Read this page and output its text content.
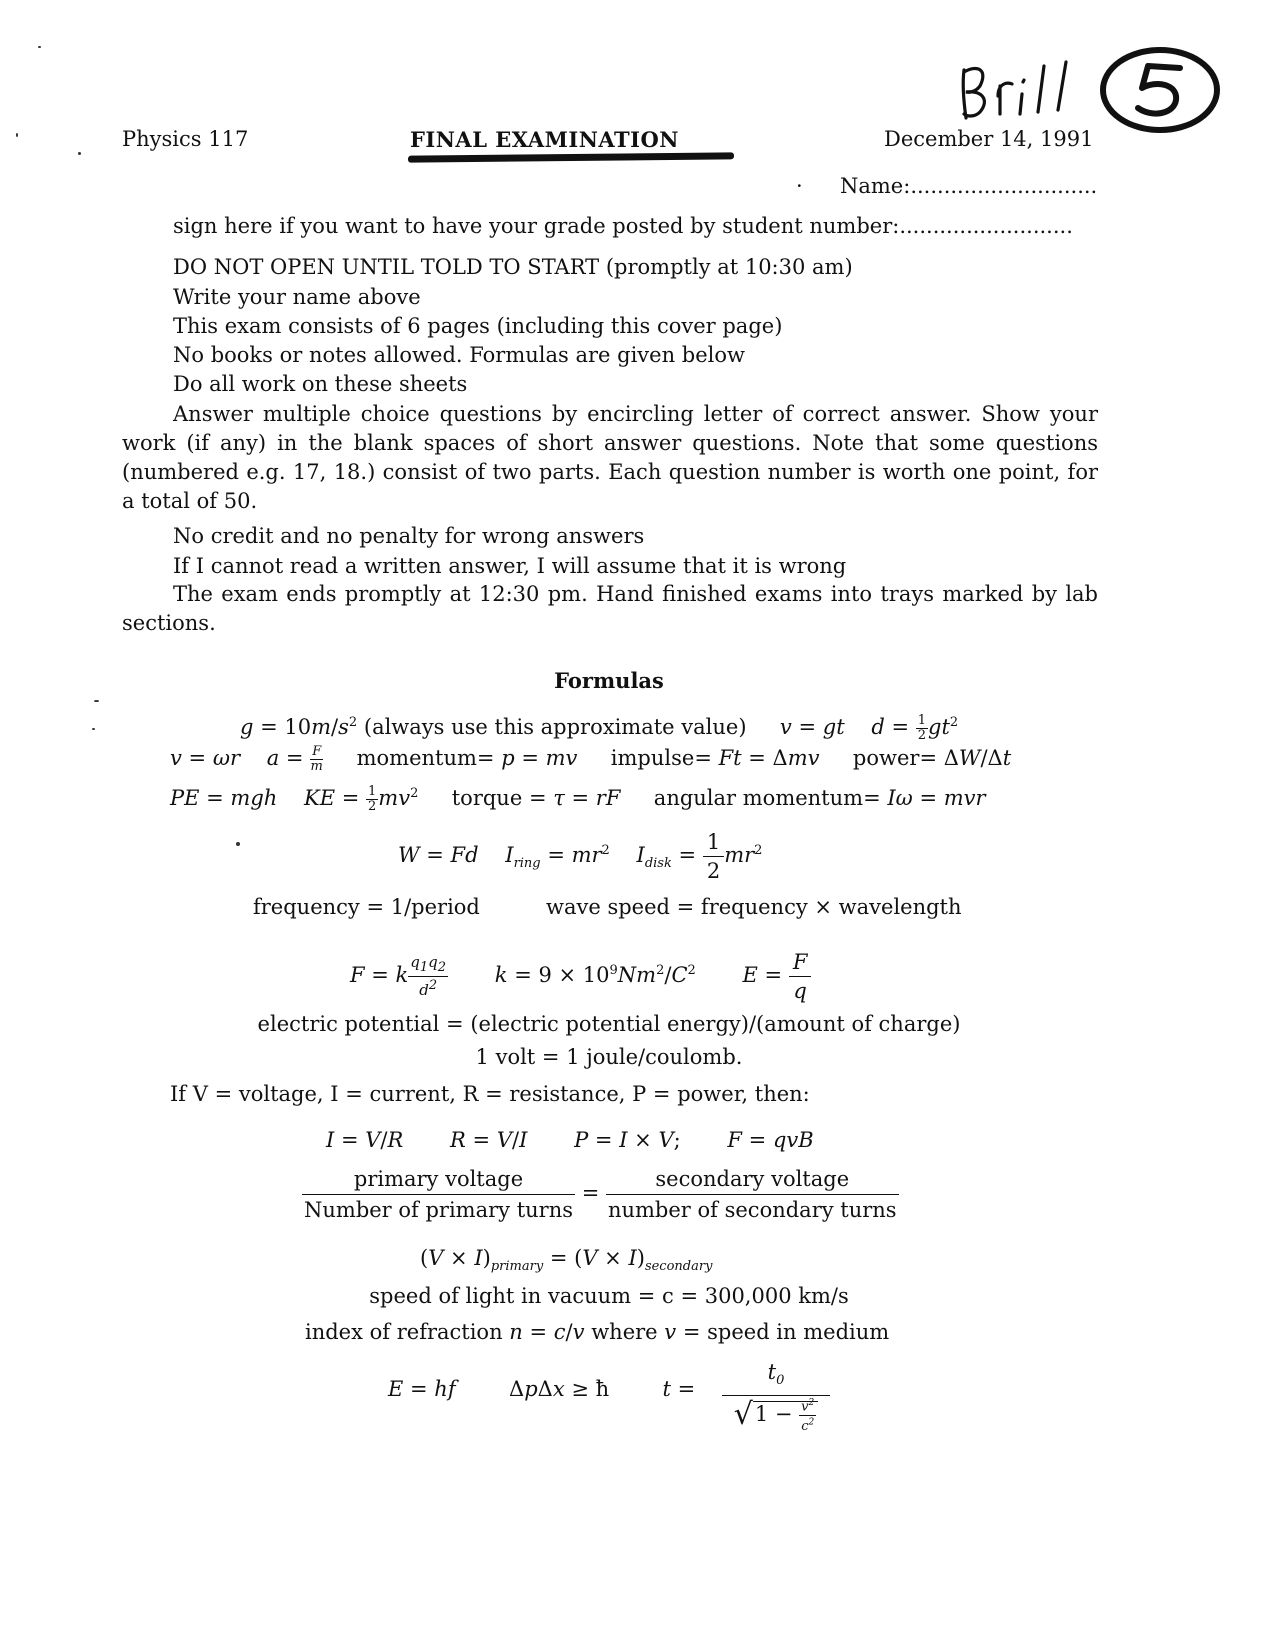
Physics 117	FINAL EXAMINATION	December 14, 1991
· Name:............................
sign here if you want to have your grade posted by student number:..........................
DO NOT OPEN UNTIL TOLD TO START (promptly at 10:30 am)
Write your name above
This exam consists of 6 pages (including this cover page)
No books or notes allowed. Formulas are given below
Do all work on these sheets
Answer multiple choice questions by encircling letter of correct answer. Show your work (if any) in the blank spaces of short answer questions. Note that some questions (numbered e.g. 17, 18.) consist of two parts. Each question number is worth one point, for a total of 50.
No credit and no penalty for wrong answers
If I cannot read a written answer, I will assume that it is wrong
The exam ends promptly at 12:30 pm. Hand finished exams into trays marked by lab sections.
Formulas
$g = 10m/s^2$ (always use this approximate value) v = gt $d = \frac{1}{2}gt^2$
v = ωr $a = \frac{F}{m}$ momentum= p = mv impulse= Ft = Δmv power= ΔW/Δt
PE = mgh KE = $\frac{1}{2}mv^2$ torque = τ = rF angular momentum= Iω = mvr
W = Fd $I_{ring} = mr^2$ $I_{disk} = \frac{1}{2} mr^2$
frequency = 1/period	wave speed = frequency × wavelength
F = k $\frac{q_1q_2}{d^2}$ $k = 9 \times 10^9Nm^2/C^2$ $E = \frac{F}{q}$
electric potential = (electric potential energy)/(amount of charge)
1 volt = 1 joule/coulomb.
If V = voltage, I = current, R = resistance, P = power, then:
I = V/R R = V/I P = I × V;       F = qvB
$\frac{\text{primary voltage}}{\text{Number of primary turns}} = \frac{\text{secondary voltage}}{\text{number of secondary turns}}$
$(V \times I)_{primary} = (V \times I)_{secondary}$
speed of light in vacuum = c = 300,000 km/s
index of refraction n = c/v where v = speed in medium
E = hf        ΔpΔx ≥ ħ        $t = \frac{t_0}{√1 - \frac{v^2}{c^2}}$
